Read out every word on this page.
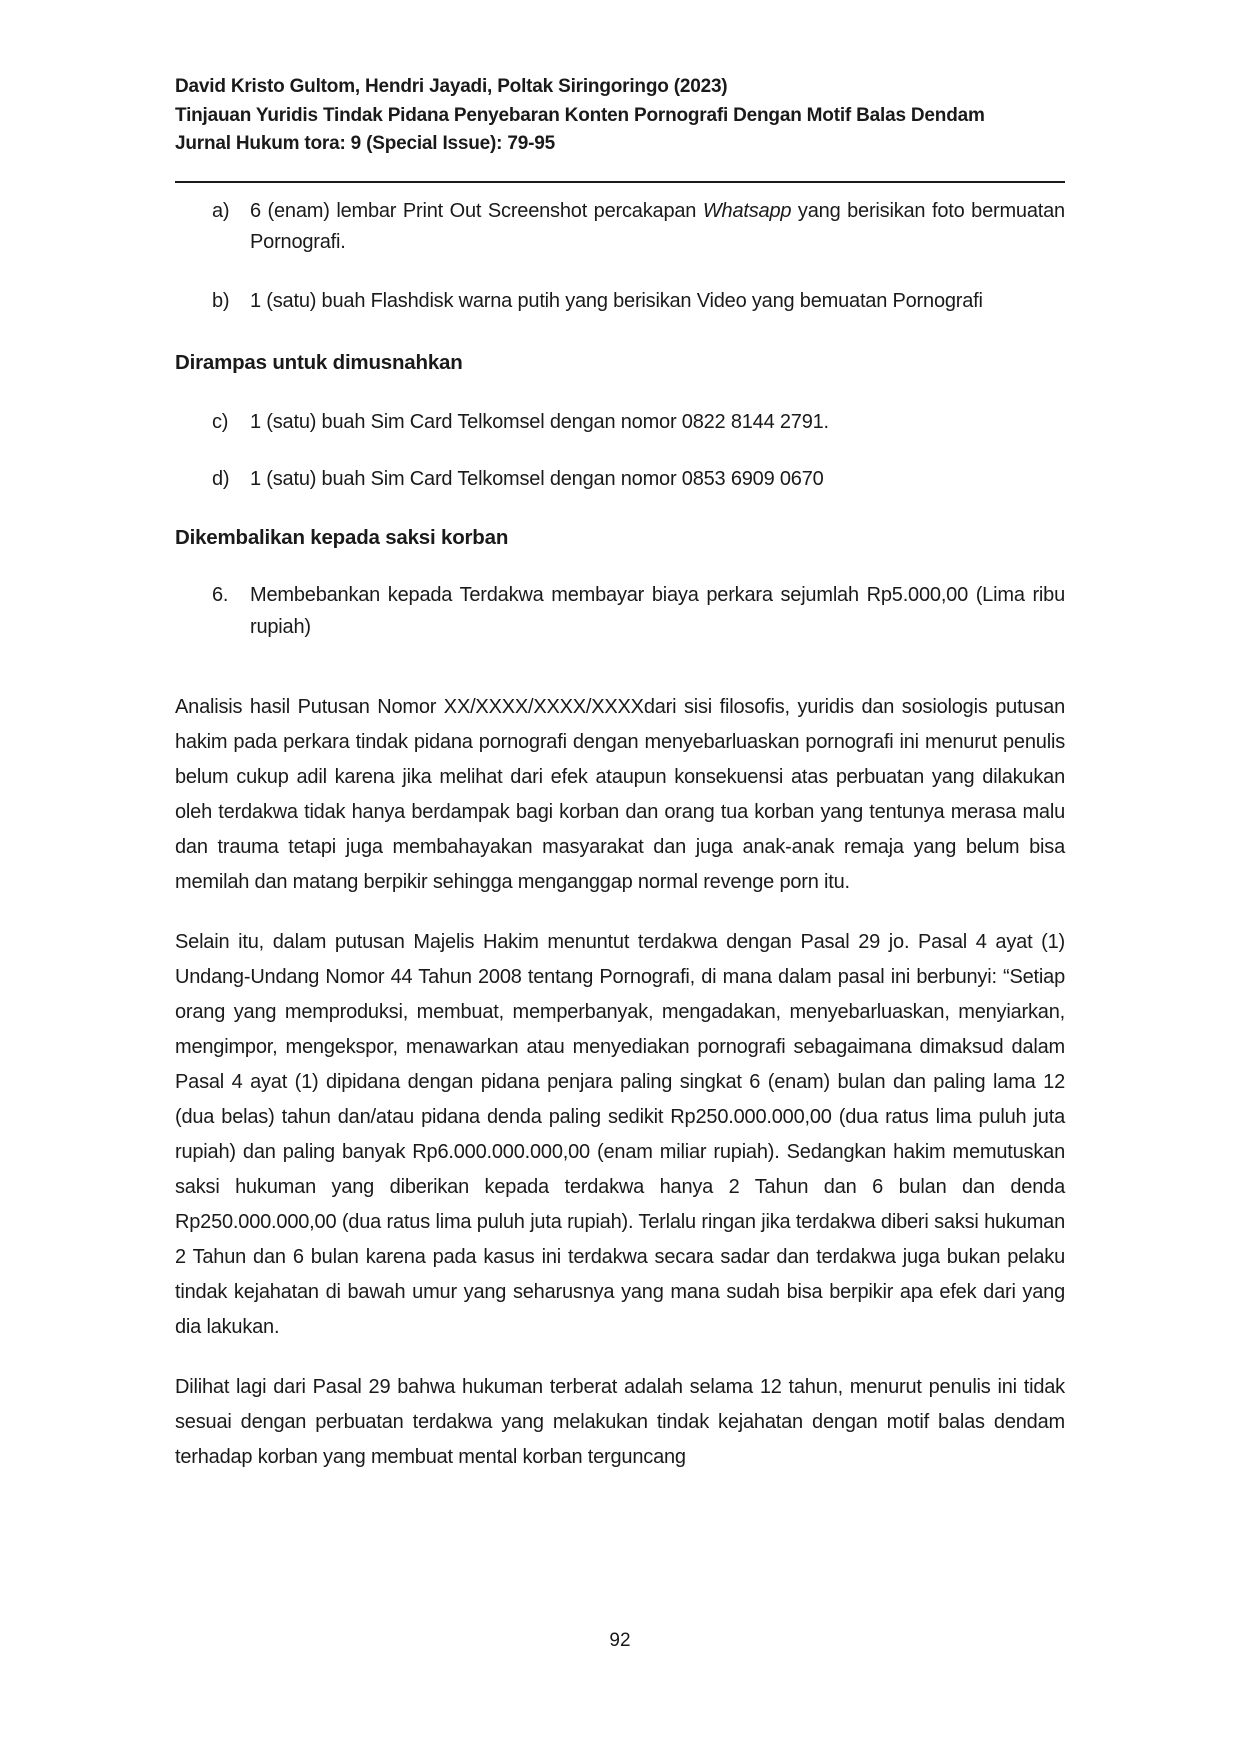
David Kristo Gultom, Hendri Jayadi, Poltak Siringoringo (2023)
Tinjauan Yuridis Tindak Pidana Penyebaran Konten Pornografi Dengan Motif Balas Dendam
Jurnal Hukum tora: 9 (Special Issue): 79-95
a)	6 (enam) lembar Print Out Screenshot percakapan Whatsapp yang berisikan foto bermuatan Pornografi.
b)	1 (satu) buah Flashdisk warna putih yang berisikan Video yang bemuatan Pornografi
Dirampas untuk dimusnahkan
c)	1 (satu) buah Sim Card Telkomsel dengan nomor 0822 8144 2791.
d)	1 (satu) buah Sim Card Telkomsel dengan nomor 0853 6909 0670
Dikembalikan kepada saksi korban
6.	Membebankan kepada Terdakwa membayar biaya perkara sejumlah Rp5.000,00 (Lima ribu rupiah)

Analisis hasil Putusan Nomor XX/XXXX/XXXX/XXXXdari sisi filosofis, yuridis dan sosiologis putusan hakim pada perkara tindak pidana pornografi dengan menyebarluaskan pornografi ini menurut penulis belum cukup adil karena jika melihat dari efek ataupun konsekuensi atas perbuatan yang dilakukan oleh terdakwa tidak hanya berdampak bagi korban dan orang tua korban yang tentunya merasa malu dan trauma tetapi juga membahayakan masyarakat dan juga anak-anak remaja yang belum bisa memilah dan matang berpikir sehingga menganggap normal revenge porn itu.

Selain itu, dalam putusan Majelis Hakim menuntut terdakwa dengan Pasal 29 jo. Pasal 4 ayat (1) Undang-Undang Nomor 44 Tahun 2008 tentang Pornografi, di mana dalam pasal ini berbunyi: “Setiap orang yang memproduksi, membuat, memperbanyak, mengadakan, menyebarluaskan, menyiarkan, mengimpor, mengekspor, menawarkan atau menyediakan pornografi sebagaimana dimaksud dalam Pasal 4 ayat (1) dipidana dengan pidana penjara paling singkat 6 (enam) bulan dan paling lama 12 (dua belas) tahun dan/atau pidana denda paling sedikit Rp250.000.000,00 (dua ratus lima puluh juta rupiah) dan paling banyak Rp6.000.000.000,00 (enam miliar rupiah). Sedangkan hakim memutuskan saksi hukuman yang diberikan kepada terdakwa hanya 2 Tahun dan 6 bulan dan denda Rp250.000.000,00 (dua ratus lima puluh juta rupiah). Terlalu ringan jika terdakwa diberi saksi hukuman 2 Tahun dan 6 bulan karena pada kasus ini terdakwa secara sadar dan terdakwa juga bukan pelaku tindak kejahatan di bawah umur yang seharusnya yang mana sudah bisa berpikir apa efek dari yang dia lakukan.

Dilihat lagi dari Pasal 29 bahwa hukuman terberat adalah selama 12 tahun, menurut penulis ini tidak sesuai dengan perbuatan terdakwa yang melakukan tindak kejahatan dengan motif balas dendam terhadap korban yang membuat mental korban terguncang

92
